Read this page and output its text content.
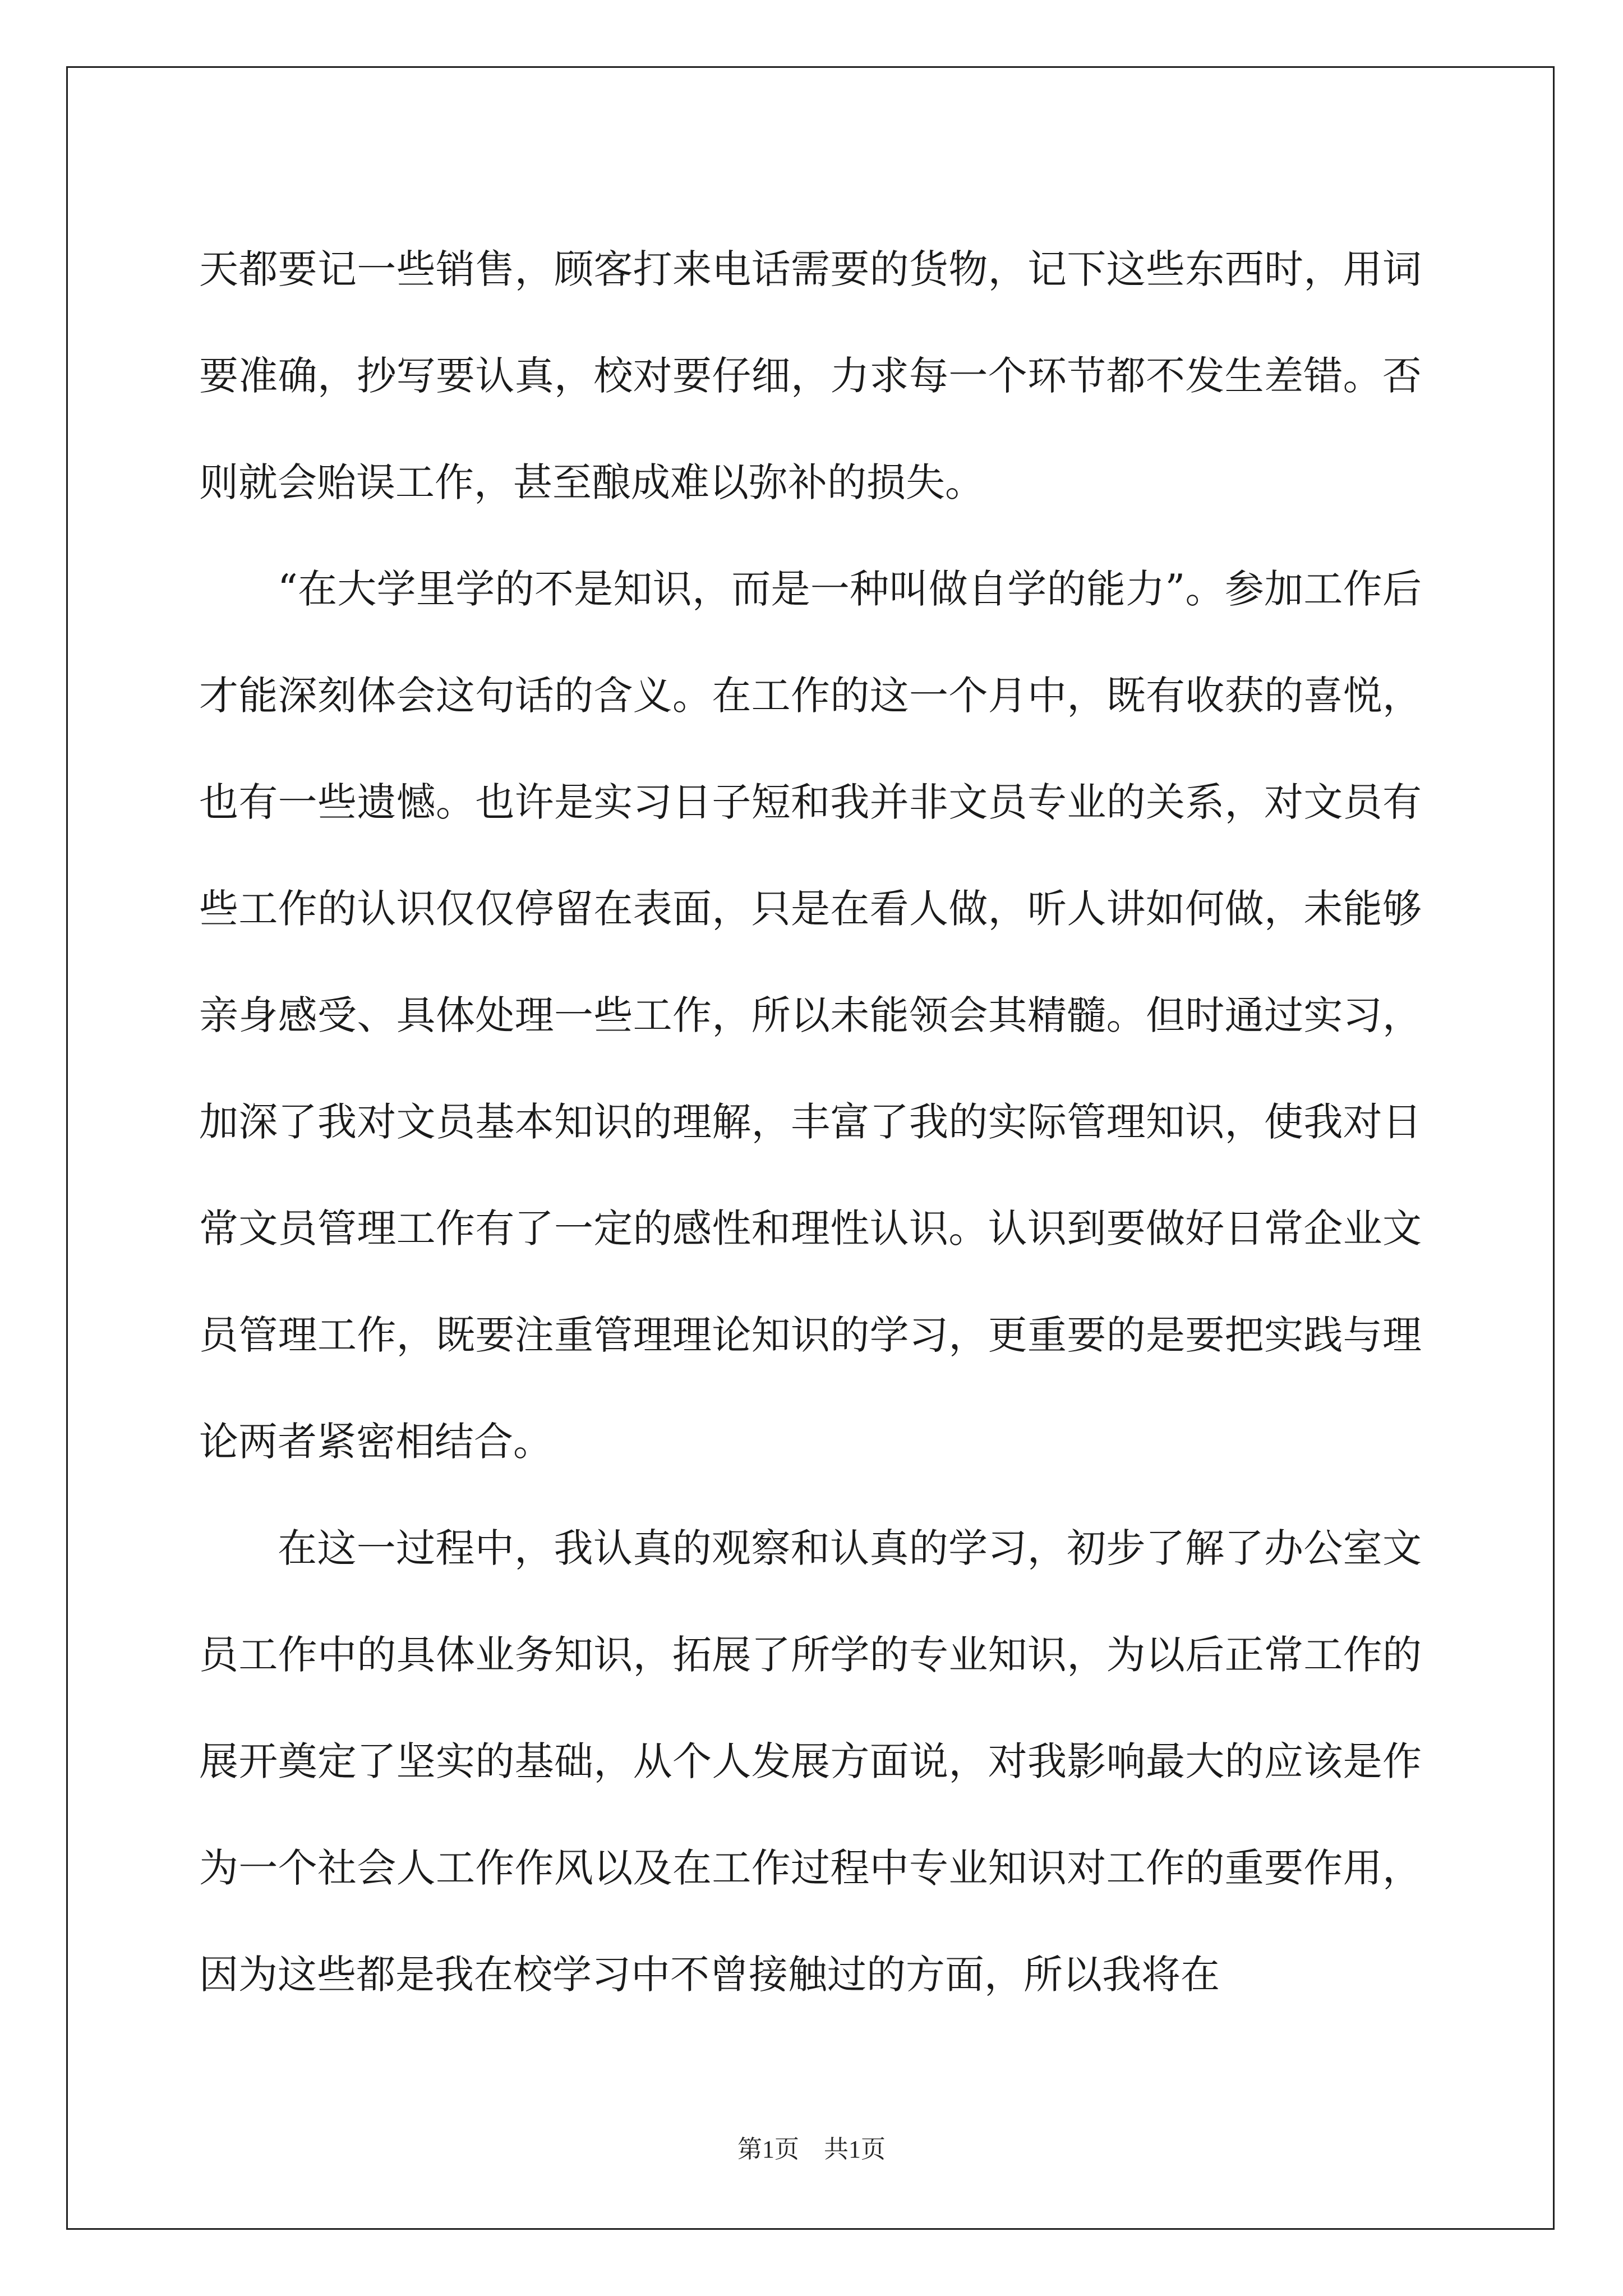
天都要记一些销售，顾客打来电话需要的货物，记下这些东西时，用词要准确，抄写要认真，校对要仔细，力求每一个环节都不发生差错。否则就会贻误工作，甚至酿成难以弥补的损失。

“在大学里学的不是知识，而是一种叫做自学的能力”。参加工作后才能深刻体会这句话的含义。在工作的这一个月中，既有收获的喜悦，也有一些遗憾。也许是实习日子短和我并非文员专业的关系，对文员有些工作的认识仅仅停留在表面，只是在看人做，听人讲如何做，未能够亲身感受、具体处理一些工作，所以未能领会其精髓。但时通过实习，加深了我对文员基本知识的理解，丰富了我的实际管理知识，使我对日常文员管理工作有了一定的感性和理性认识。认识到要做好日常企业文员管理工作，既要注重管理理论知识的学习，更重要的是要把实践与理论两者紧密相结合。

在这一过程中，我认真的观察和认真的学习，初步了解了办公室文员工作中的具体业务知识，拓展了所学的专业知识，为以后正常工作的展开奠定了坚实的基础，从个人发展方面说，对我影响最大的应该是作为一个社会人工作作风以及在工作过程中专业知识对工作的重要作用，因为这些都是我在校学习中不曾接触过的方面，所以我将在

第1页　共1页
